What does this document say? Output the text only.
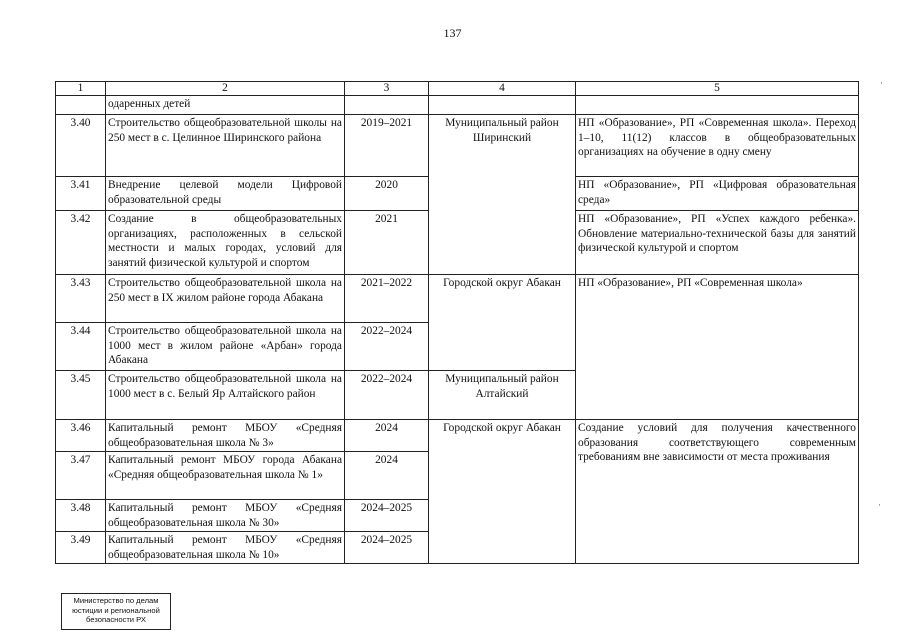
137
·
·
1	2	3	4	5
	одаренных детей			
3.40	Строительство общеобразовательной школы на 250 мест в с. Целинное Ширинского района	2019–2021	Муниципальный район Ширинский	НП «Образование», РП «Современная школа». Переход 1–10, 11(12) классов в общеобразовательных организациях на обучение в одну смену
3.41	Внедрение целевой модели Цифровой образовательной среды	2020		НП «Образование», РП «Цифровая образовательная среда»
3.42	Создание в общеобразовательных организациях, расположенных в сельской местности и малых городах, условий для занятий физической культурой и спортом	2021		НП «Образование», РП «Успех каждого ребенка». Обновление материально-технической базы для занятий физической культурой и спортом
3.43	Строительство общеобразовательной школа на 250 мест в IX жилом районе города Абакана	2021–2022	Городской округ Абакан	НП «Образование», РП «Современная школа»
3.44	Строительство общеобразовательной школа на 1000 мест в жилом районе «Арбан» города Абакана	2022–2024		
3.45	Строительство общеобразовательной школа на 1000 мест в с. Белый Яр Алтайского район	2022–2024	Муниципальный район Алтайский	
3.46	Капитальный ремонт МБОУ «Средняя общеобразовательная школа № 3»	2024	Городской округ Абакан	Создание условий для получения качественного образования соответствующего современным требованиям вне зависимости от места проживания
3.47	Капитальный ремонт МБОУ города Абакана «Средняя общеобразовательная школа № 1»	2024		
3.48	Капитальный ремонт МБОУ «Средняя общеобразовательная школа № 30»	2024–2025		
3.49	Капитальный ремонт МБОУ «Средняя общеобразовательная школа № 10»	2024–2025		
Министерство по делам
юстиции и региональной
безопасности РХ
